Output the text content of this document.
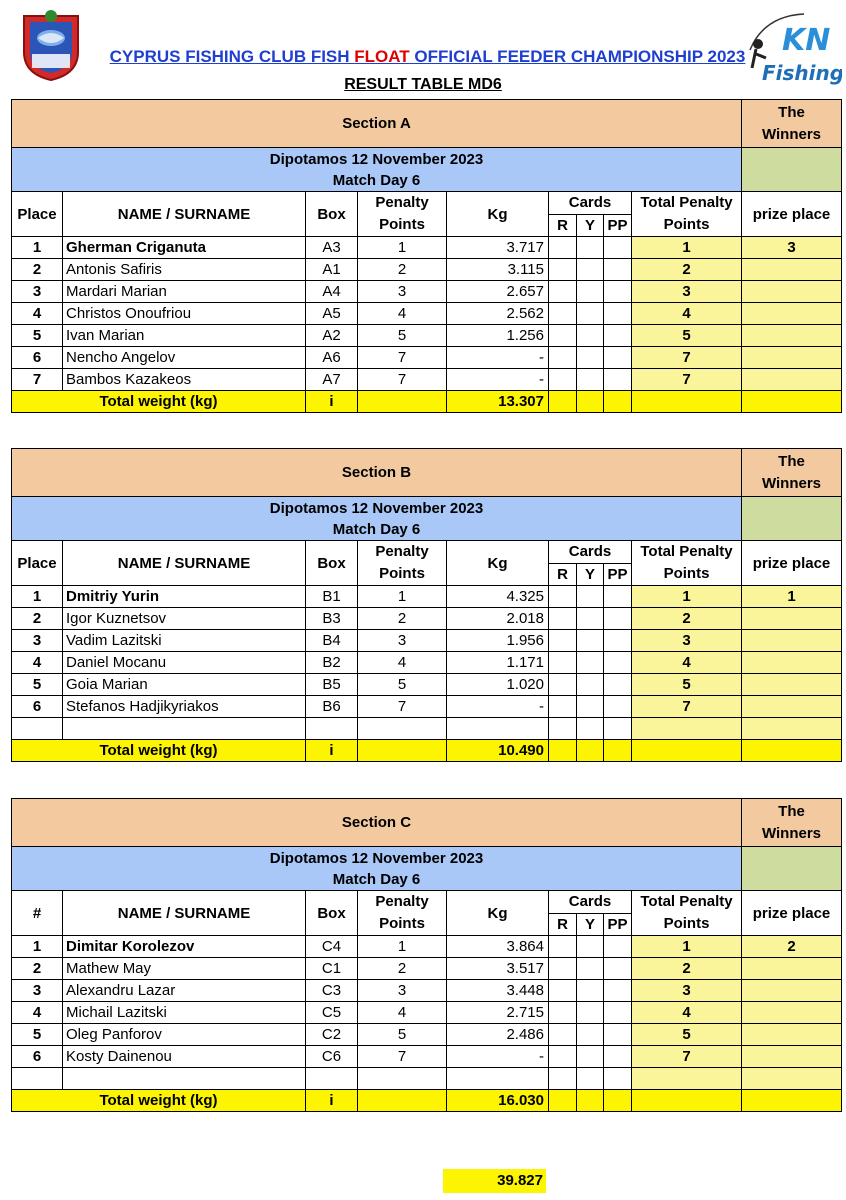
KN
Fishing
CYPRUS FISHING CLUB FISH FLOAT OFFICIAL FEEDER CHAMPIONSHIP 2023
RESULT TABLE MD6
Section A									The
Winners
Dipotamos 12 November 2023
Match Day 6									
Place	NAME / SURNAME	Box	Penalty
Points	Kg	Cards			Total Penalty
Points	prize place
					R	Y	PP		
1	Gherman Criganuta	A3	1	3.717				1	3
2	Antonis Safiris	A1	2	3.115				2	
3	Mardari Marian	A4	3	2.657				3	
4	Christos Onoufriou	A5	4	2.562				4	
5	Ivan Marian	A2	5	1.256				5	
6	Nencho Angelov	A6	7	-				7	
7	Bambos Kazakeos	A7	7	-				7	
Total weight (kg)		i		13.307					
Section B									The
Winners
Dipotamos 12 November 2023
Match Day 6									
Place	NAME / SURNAME	Box	Penalty
Points	Kg	Cards			Total Penalty
Points	prize place
					R	Y	PP		
1	Dmitriy Yurin	B1	1	4.325				1	1
2	Igor Kuznetsov	B3	2	2.018				2	
3	Vadim Lazitski	B4	3	1.956				3	
4	Daniel Mocanu	B2	4	1.171				4	
5	Goia Marian	B5	5	1.020				5	
6	Stefanos Hadjikyriakos	B6	7	-				7	

Total weight (kg)		i		10.490					
Section C									The
Winners
Dipotamos 12 November 2023
Match Day 6									
#	NAME / SURNAME	Box	Penalty
Points	Kg	Cards			Total Penalty
Points	prize place
					R	Y	PP		
1	Dimitar Korolezov	C4	1	3.864				1	2
2	Mathew May	C1	2	3.517				2	
3	Alexandru Lazar	C3	3	3.448				3	
4	Michail Lazitski	C5	4	2.715				4	
5	Oleg Panforov	C2	5	2.486				5	
6	Kosty Dainenou	C6	7	-				7	

Total weight (kg)		i		16.030					
39.827
